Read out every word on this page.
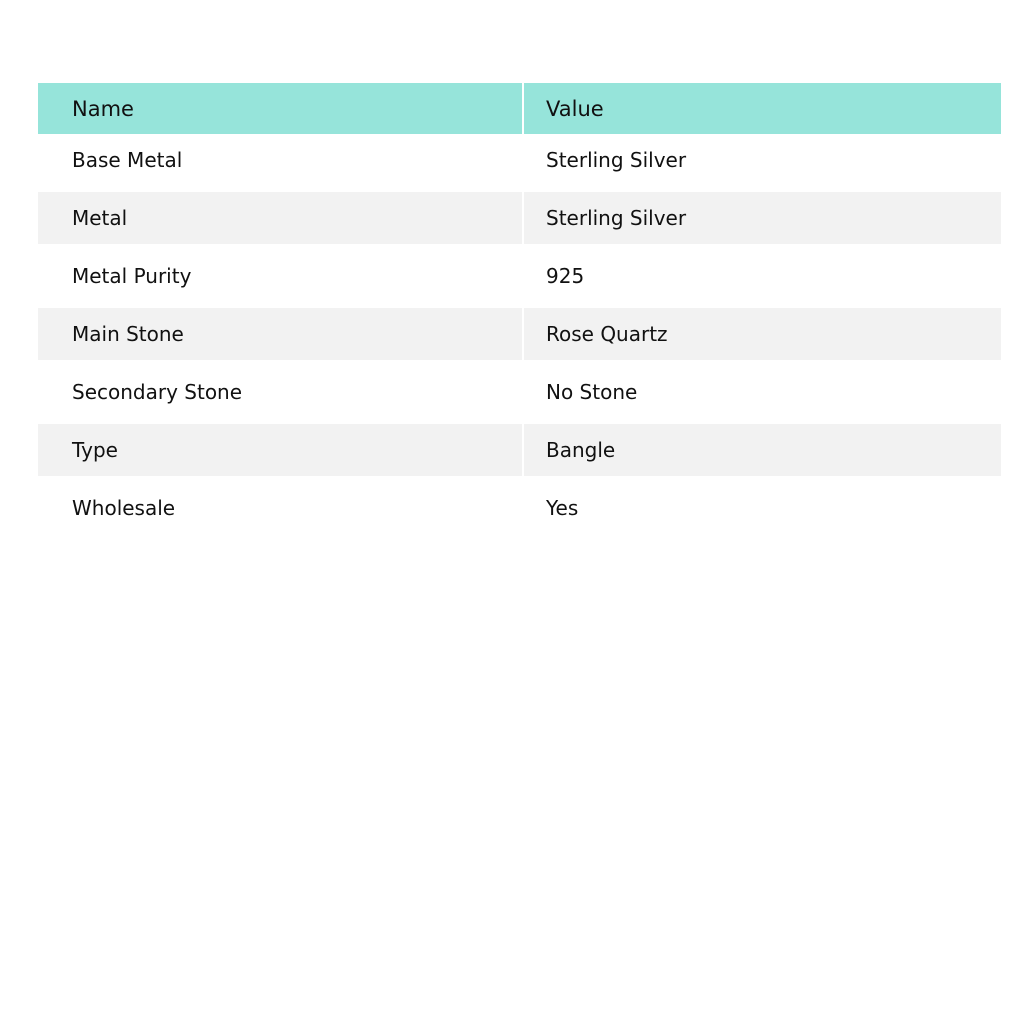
Name	Value
Base Metal	Sterling Silver

Metal	Sterling Silver

Metal Purity	925

Main Stone	Rose Quartz

Secondary Stone	No Stone

Type	Bangle

Wholesale	Yes
